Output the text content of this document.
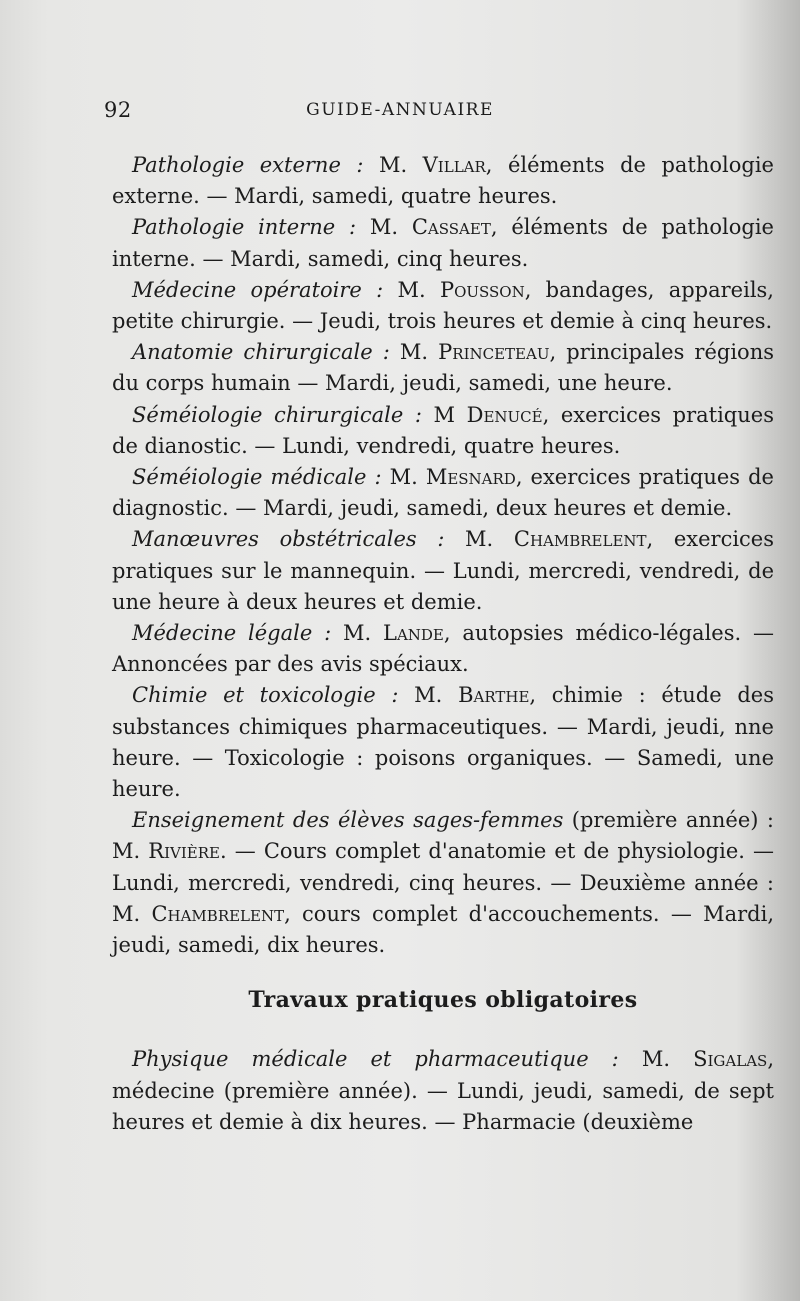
92	GUIDE-ANNUAIRE

Pathologie externe : M. Villar, éléments de pathologie externe. — Mardi, samedi, quatre heures.

Pathologie interne : M. Cassaet, éléments de pathologie interne. — Mardi, samedi, cinq heures.

Médecine opératoire : M. Pousson, bandages, appareils, petite chirurgie. — Jeudi, trois heures et demie à cinq heures.

Anatomie chirurgicale : M. Princeteau, principales régions du corps humain — Mardi, jeudi, samedi, une heure.

Séméiologie chirurgicale : M Denucé, exercices pratiques de dianostic. — Lundi, vendredi, quatre heures.

Séméiologie médicale : M. Mesnard, exercices pratiques de diagnostic. — Mardi, jeudi, samedi, deux heures et demie.

Manœuvres obstétricales : M. Chambrelent, exercices pratiques sur le mannequin. — Lundi, mercredi, vendredi, de une heure à deux heures et demie.

Médecine légale : M. Lande, autopsies médico-légales. — Annoncées par des avis spéciaux.

Chimie et toxicologie : M. Barthe, chimie : étude des substances chimiques pharmaceutiques. — Mardi, jeudi, nne heure. — Toxicologie : poisons organiques. — Samedi, une heure.

Enseignement des élèves sages-femmes (première année) : M. Rivière. — Cours complet d'anatomie et de physiologie. — Lundi, mercredi, vendredi, cinq heures. — Deuxième année : M. Chambrelent, cours complet d'accouchements. — Mardi, jeudi, samedi, dix heures.

Travaux pratiques obligatoires

Physique médicale et pharmaceutique : M. Sigalas, médecine (première année). — Lundi, jeudi, samedi, de sept heures et demie à dix heures. — Pharmacie (deuxième
